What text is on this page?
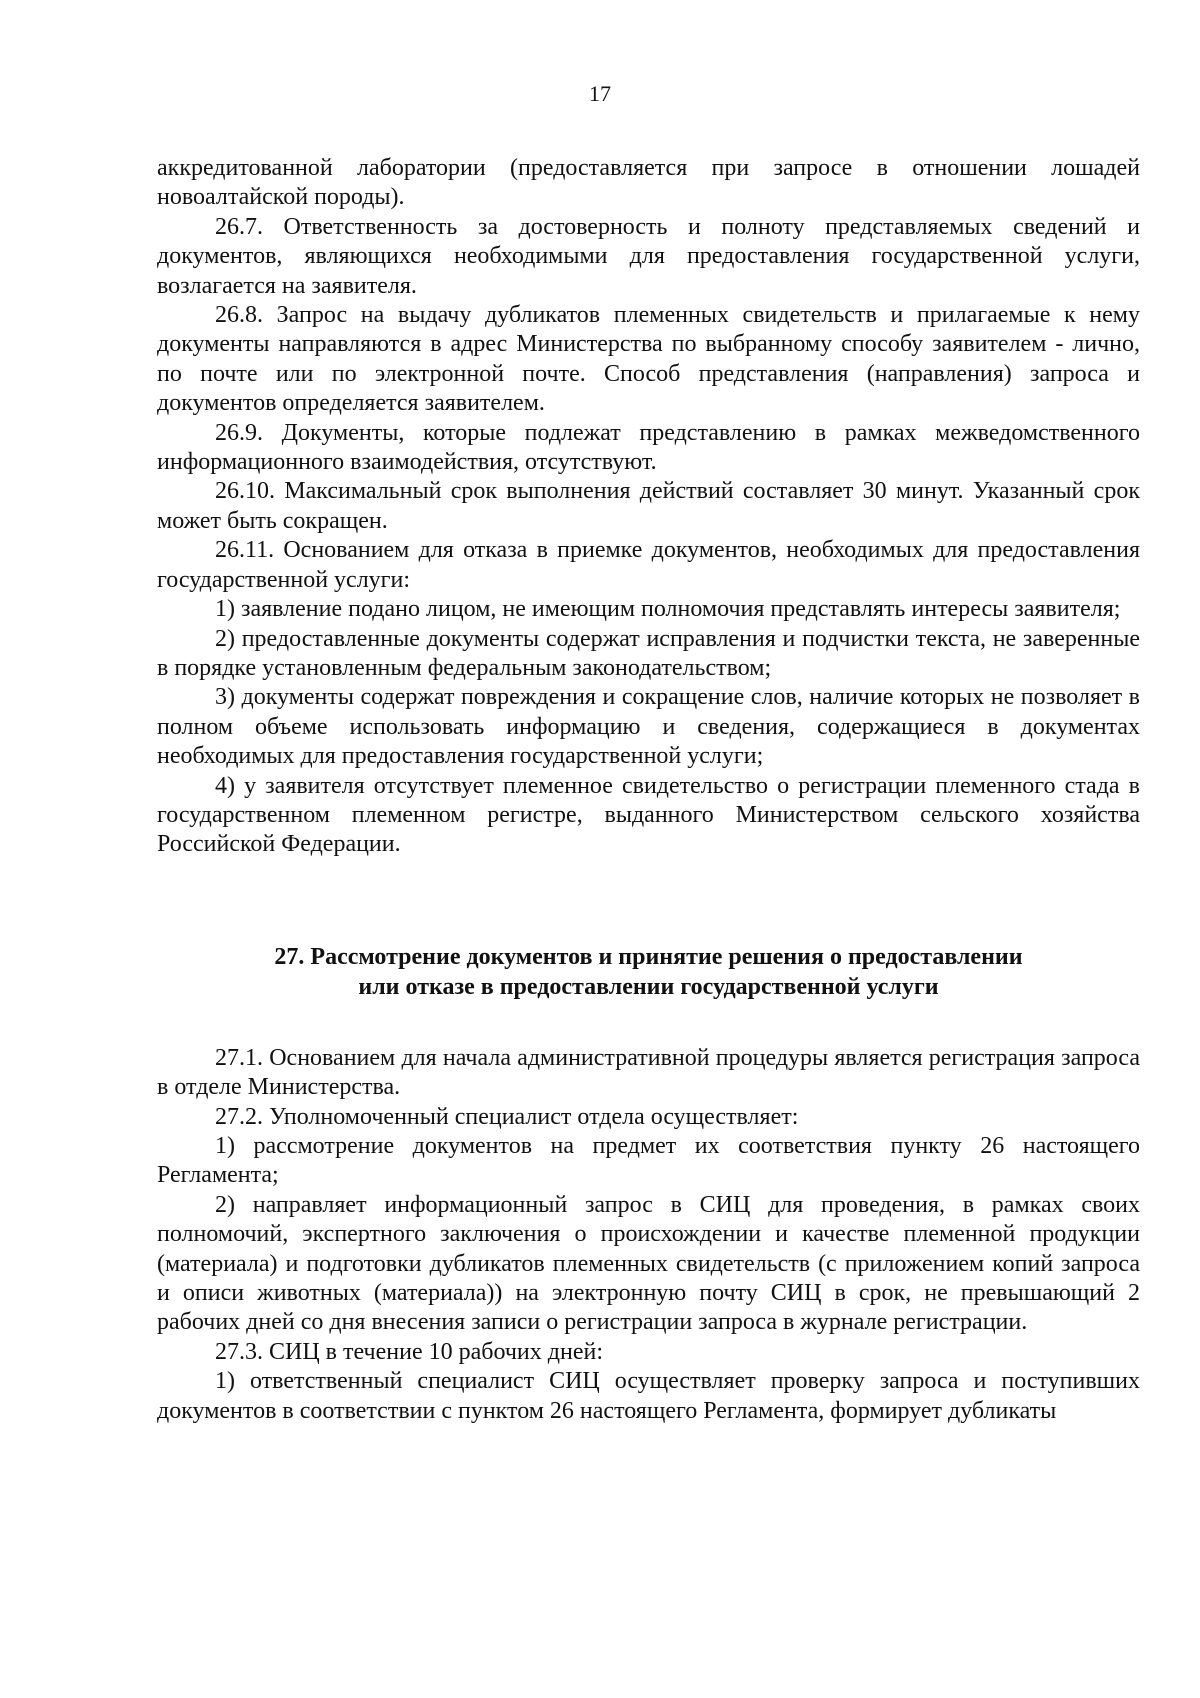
17

аккредитованной лаборатории (предоставляется при запросе в отношении лошадей новоалтайской породы).

26.7. Ответственность за достоверность и полноту представляемых сведений и документов, являющихся необходимыми для предоставления государственной услуги, возлагается на заявителя.

26.8. Запрос на выдачу дубликатов племенных свидетельств и прилагаемые к нему документы направляются в адрес Министерства по выбранному способу заявителем - лично, по почте или по электронной почте. Способ представления (направления) запроса и документов определяется заявителем.

26.9. Документы, которые подлежат представлению в рамках межведомственного информационного взаимодействия, отсутствуют.

26.10. Максимальный срок выполнения действий составляет 30 минут. Указанный срок может быть сокращен.

26.11. Основанием для отказа в приемке документов, необходимых для предоставления государственной услуги:

1) заявление подано лицом, не имеющим полномочия представлять интересы заявителя;

2) предоставленные документы содержат исправления и подчистки текста, не заверенные в порядке установленным федеральным законодательством;

3) документы содержат повреждения и сокращение слов, наличие которых не позволяет в полном объеме использовать информацию и сведения, содержащиеся в документах необходимых для предоставления государственной услуги;

4) у заявителя отсутствует племенное свидетельство о регистрации племенного стада в государственном племенном регистре, выданного Министерством сельского хозяйства Российской Федерации.

27. Рассмотрение документов и принятие решения о предоставлении
или отказе в предоставлении государственной услуги

27.1. Основанием для начала административной процедуры является регистрация запроса в отделе Министерства.

27.2. Уполномоченный специалист отдела осуществляет:

1) рассмотрение документов на предмет их соответствия пункту 26 настоящего Регламента;

2) направляет информационный запрос в СИЦ для проведения, в рамках своих полномочий, экспертного заключения о происхождении и качестве племенной продукции (материала) и подготовки дубликатов племенных свидетельств (с приложением копий запроса и описи животных (материала)) на электронную почту СИЦ в срок, не превышающий 2 рабочих дней со дня внесения записи о регистрации запроса в журнале регистрации.

27.3. СИЦ в течение 10 рабочих дней:

1) ответственный специалист СИЦ осуществляет проверку запроса и поступивших документов в соответствии с пунктом 26 настоящего Регламента, формирует дубликаты
